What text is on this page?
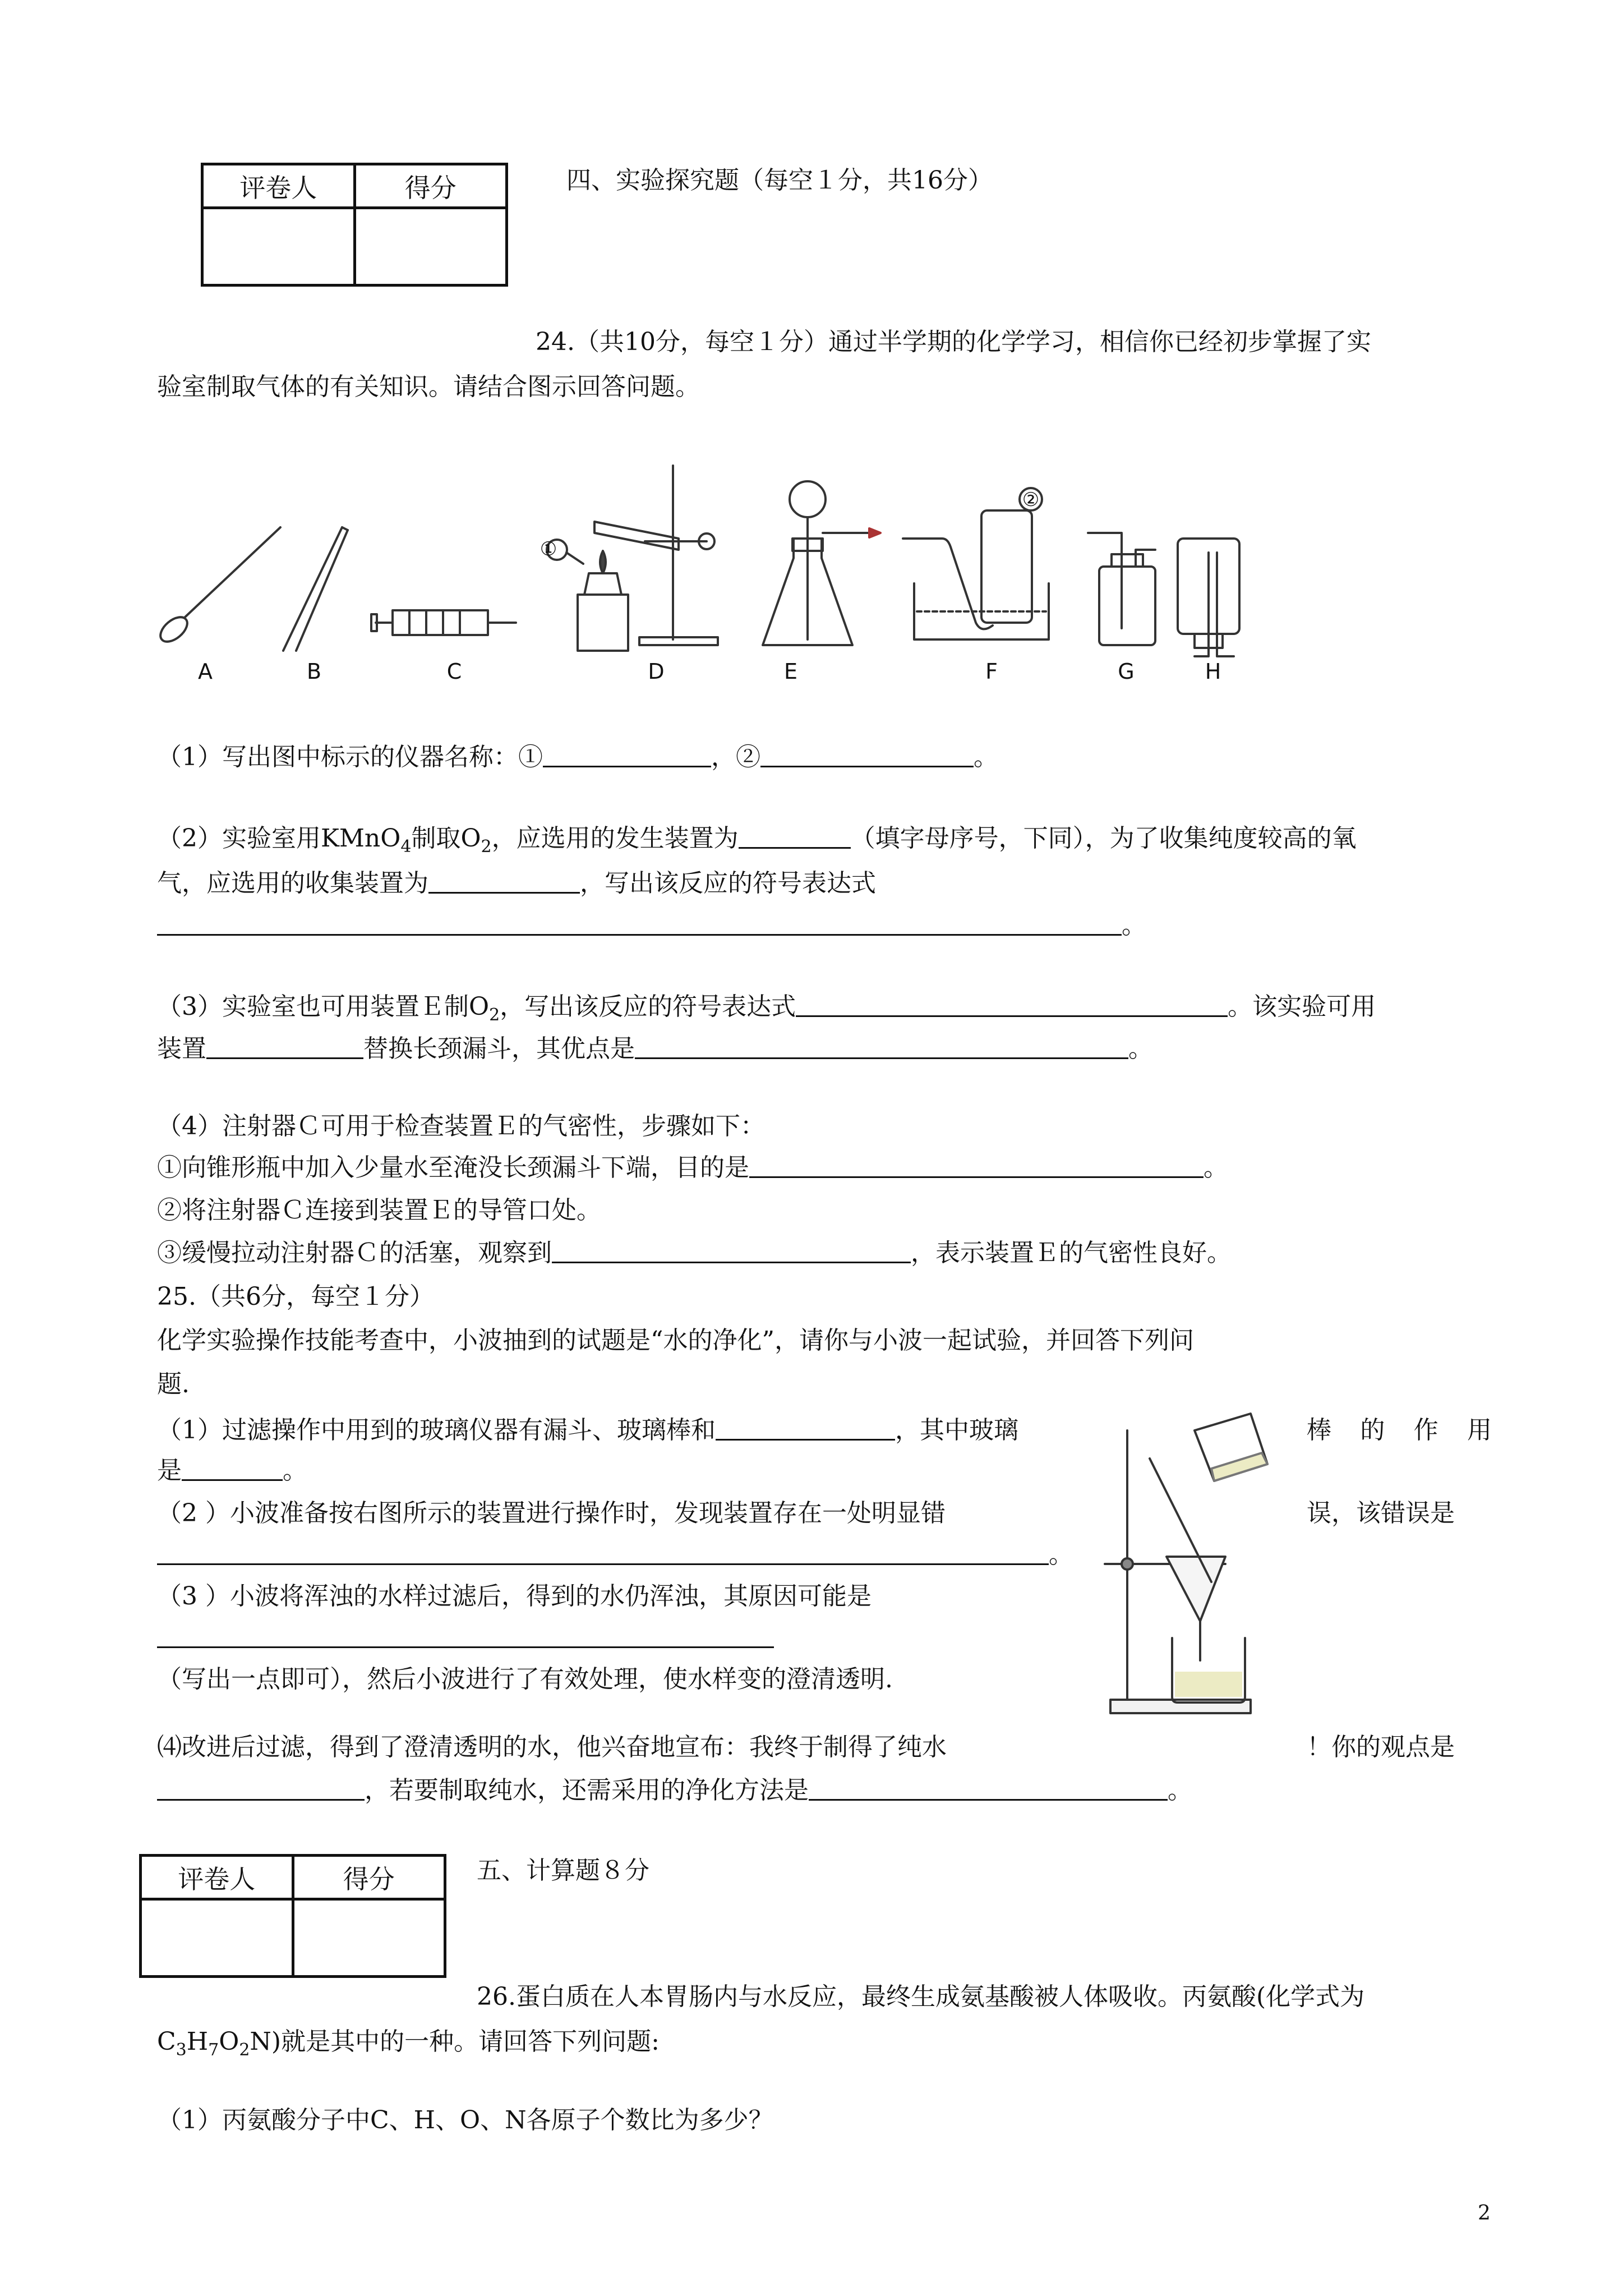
评卷人	得分
		四、实验探究题（每空１分，共16分）
24.（共10分，每空１分）通过半学期的化学学习，相信你已经初步掌握了实
验室制取气体的有关知识。请结合图示回答问题。
①
②
A	B	C	D	E	F	G	H
（1）写出图中标示的仪器名称：①	，②	。
（2）实验室用KMnO$_4$制取$O_2$，应选用的发生装置为	（填字母序号，下同），为了收集纯度较高的氧
气，应选用的收集装置为	，写出该反应的符号表达式
。
（3）实验室也可用装置Ｅ制$O_2$，写出该反应的符号表达式	。该实验可用
装置	替换长颈漏斗，其优点是	。
（4）注射器Ｃ可用于检查装置Ｅ的气密性，步骤如下：
①向锥形瓶中加入少量水至淹没长颈漏斗下端，目的是	。
②将注射器Ｃ连接到装置Ｅ的导管口处。
③缓慢拉动注射器Ｃ的活塞，观察到	，表示装置Ｅ的气密性良好。
25.（共6分，每空１分）
化学实验操作技能考查中，小波抽到的试题是“水的净化”，请你与小波一起试验，并回答下列问
题.
（1）过滤操作中用到的玻璃仪器有漏斗、玻璃棒和	，其中玻璃	棒 的 作 用
是	。
（2 ）小波准备按右图所示的装置进行操作时，发现装置存在一处明显错	误，该错误是
。
（3 ）小波将浑浊的水样过滤后，得到的水仍浑浊，其原因可能是
（写出一点即可），然后小波进行了有效处理，使水样变的澄清透明.
⑷改进后过滤，得到了澄清透明的水，他兴奋地宣布：我终于制得了纯水	！你的观点是
，若要制取纯水，还需采用的净化方法是	。
评卷人	得分
		五、计算题８分
26.蛋白质在人本胃肠内与水反应，最终生成氨基酸被人体吸收。丙氨酸(化学式为
$C_3H_7O_2N$)就是其中的一种。请回答下列问题:
（1）丙氨酸分子中C、H、O、N各原子个数比为多少？
2
